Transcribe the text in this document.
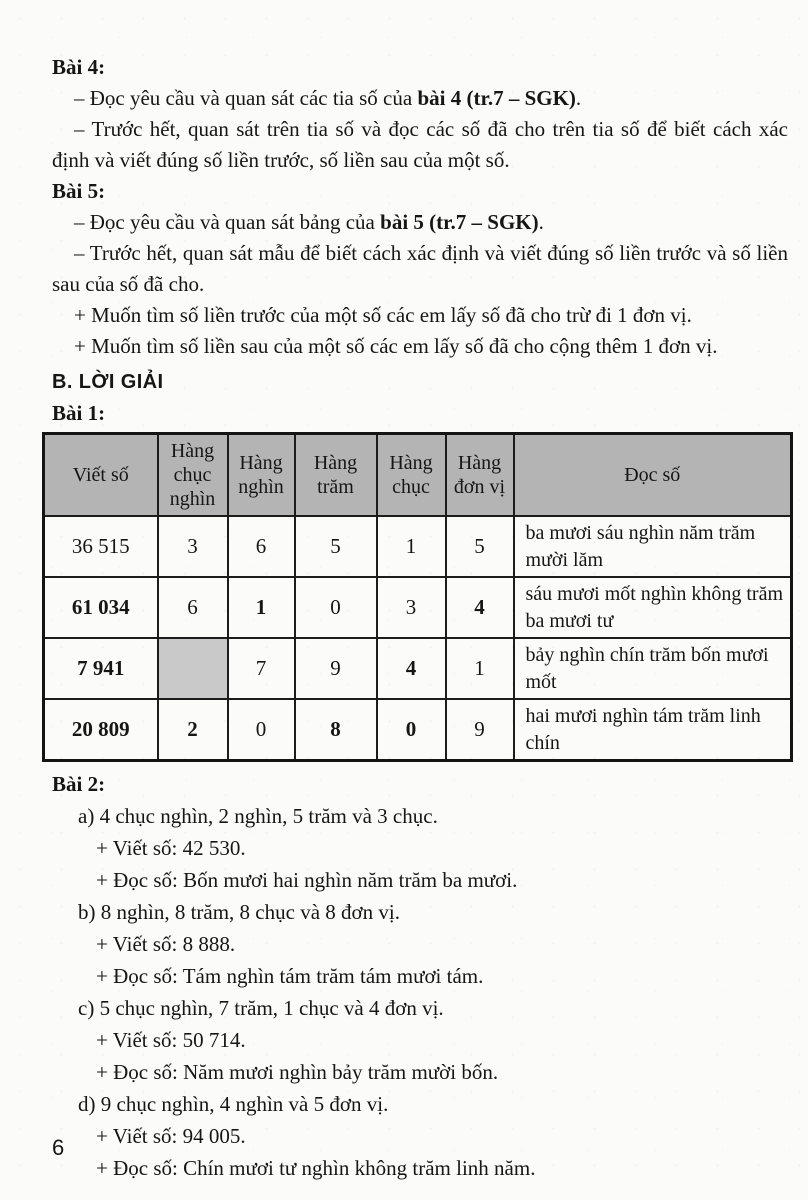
Bài 4:

– Đọc yêu cầu và quan sát các tia số của bài 4 (tr.7 – SGK).

– Trước hết, quan sát trên tia số và đọc các số đã cho trên tia số để biết cách xác định và viết đúng số liền trước, số liền sau của một số.

Bài 5:

– Đọc yêu cầu và quan sát bảng của bài 5 (tr.7 – SGK).

– Trước hết, quan sát mẫu để biết cách xác định và viết đúng số liền trước và số liền sau của số đã cho.

+ Muốn tìm số liền trước của một số các em lấy số đã cho trừ đi 1 đơn vị.

+ Muốn tìm số liền sau của một số các em lấy số đã cho cộng thêm 1 đơn vị.

B. LỜI GIẢI

Bài 1:

Viết số	Hàng chục nghìn	Hàng nghìn	Hàng trăm	Hàng chục	Hàng đơn vị	Đọc số
36 515	3	6	5	1	5	ba mươi sáu nghìn năm trăm mười lăm
61 034	6	1	0	3	4	sáu mươi mốt nghìn không trăm ba mươi tư
7 941		7	9	4	1	bảy nghìn chín trăm bốn mươi mốt
20 809	2	0	8	0	9	hai mươi nghìn tám trăm linh chín

Bài 2:

a) 4 chục nghìn, 2 nghìn, 5 trăm và 3 chục.
+ Viết số: 42 530.
+ Đọc số: Bốn mươi hai nghìn năm trăm ba mươi.
b) 8 nghìn, 8 trăm, 8 chục và 8 đơn vị.
+ Viết số: 8 888.
+ Đọc số: Tám nghìn tám trăm tám mươi tám.
c) 5 chục nghìn, 7 trăm, 1 chục và 4 đơn vị.
+ Viết số: 50 714.
+ Đọc số: Năm mươi nghìn bảy trăm mười bốn.
d) 9 chục nghìn, 4 nghìn và 5 đơn vị.
+ Viết số: 94 005.
+ Đọc số: Chín mươi tư nghìn không trăm linh năm.
6
